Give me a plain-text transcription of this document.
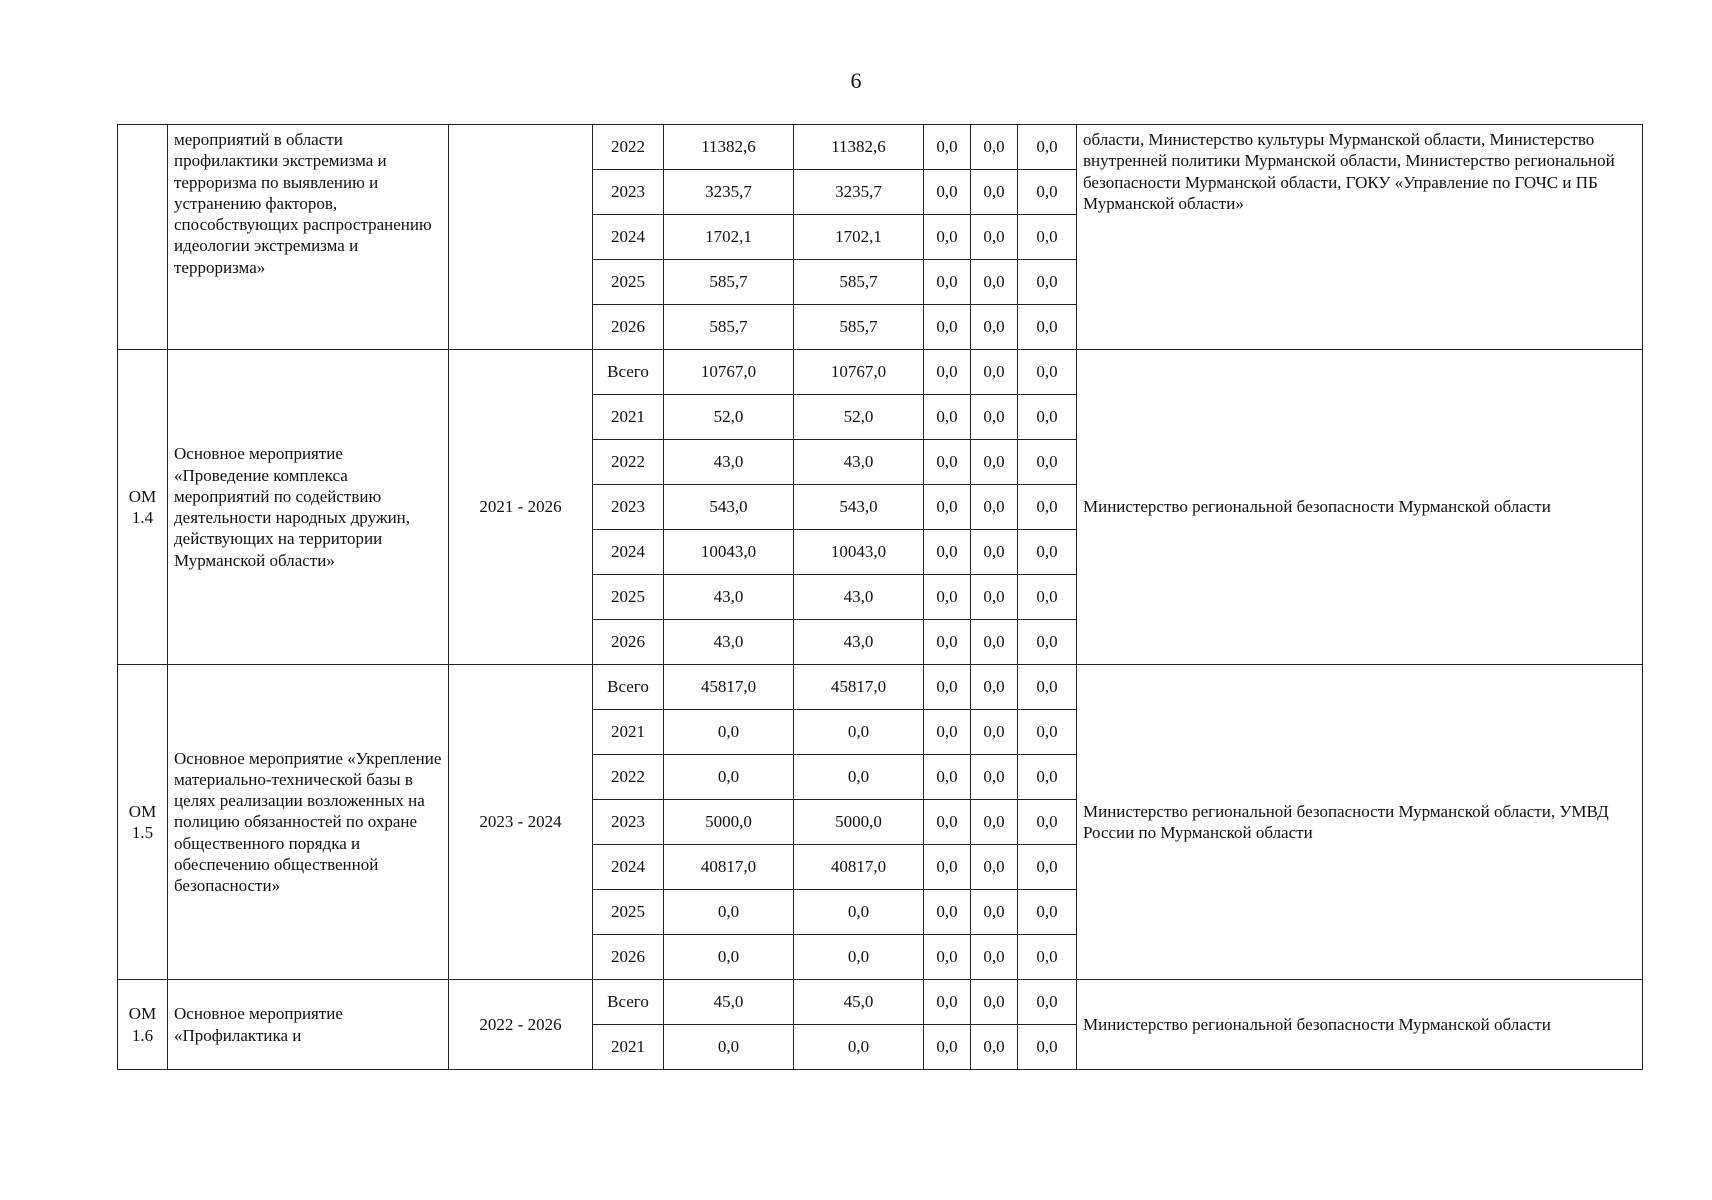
6
	мероприятий в области профилактики экстремизма и терроризма по выявлению и устранению факторов, способствующих распространению идеологии экстремизма и терроризма»		2022	11382,6	11382,6	0,0	0,0	0,0	области, Министерство культуры Мурманской области, Министерство внутренней политики Мурманской области, Министерство региональной безопасности Мурманской области, ГОКУ «Управление по ГОЧС и ПБ Мурманской области»
			2023	3235,7	3235,7	0,0	0,0	0,0	
			2024	1702,1	1702,1	0,0	0,0	0,0	
			2025	585,7	585,7	0,0	0,0	0,0	
			2026	585,7	585,7	0,0	0,0	0,0	
ОМ 1.4	Основное мероприятие «Проведение комплекса мероприятий по содействию деятельности народных дружин, действующих на территории Мурманской области»	2021 - 2026	Всего	10767,0	10767,0	0,0	0,0	0,0	Министерство региональной безопасности Мурманской области
			2021	52,0	52,0	0,0	0,0	0,0	
			2022	43,0	43,0	0,0	0,0	0,0	
			2023	543,0	543,0	0,0	0,0	0,0	
			2024	10043,0	10043,0	0,0	0,0	0,0	
			2025	43,0	43,0	0,0	0,0	0,0	
			2026	43,0	43,0	0,0	0,0	0,0	
ОМ 1.5	Основное мероприятие «Укрепление материально-технической базы в целях реализации возложенных на полицию обязанностей по охране общественного порядка и обеспечению общественной безопасности»	2023 - 2024	Всего	45817,0	45817,0	0,0	0,0	0,0	Министерство региональной безопасности Мурманской области, УМВД России по Мурманской области
			2021	0,0	0,0	0,0	0,0	0,0	
			2022	0,0	0,0	0,0	0,0	0,0	
			2023	5000,0	5000,0	0,0	0,0	0,0	
			2024	40817,0	40817,0	0,0	0,0	0,0	
			2025	0,0	0,0	0,0	0,0	0,0	
			2026	0,0	0,0	0,0	0,0	0,0	
ОМ 1.6	Основное мероприятие «Профилактика и	2022 - 2026	Всего	45,0	45,0	0,0	0,0	0,0	Министерство региональной безопасности Мурманской области
			2021	0,0	0,0	0,0	0,0	0,0	
